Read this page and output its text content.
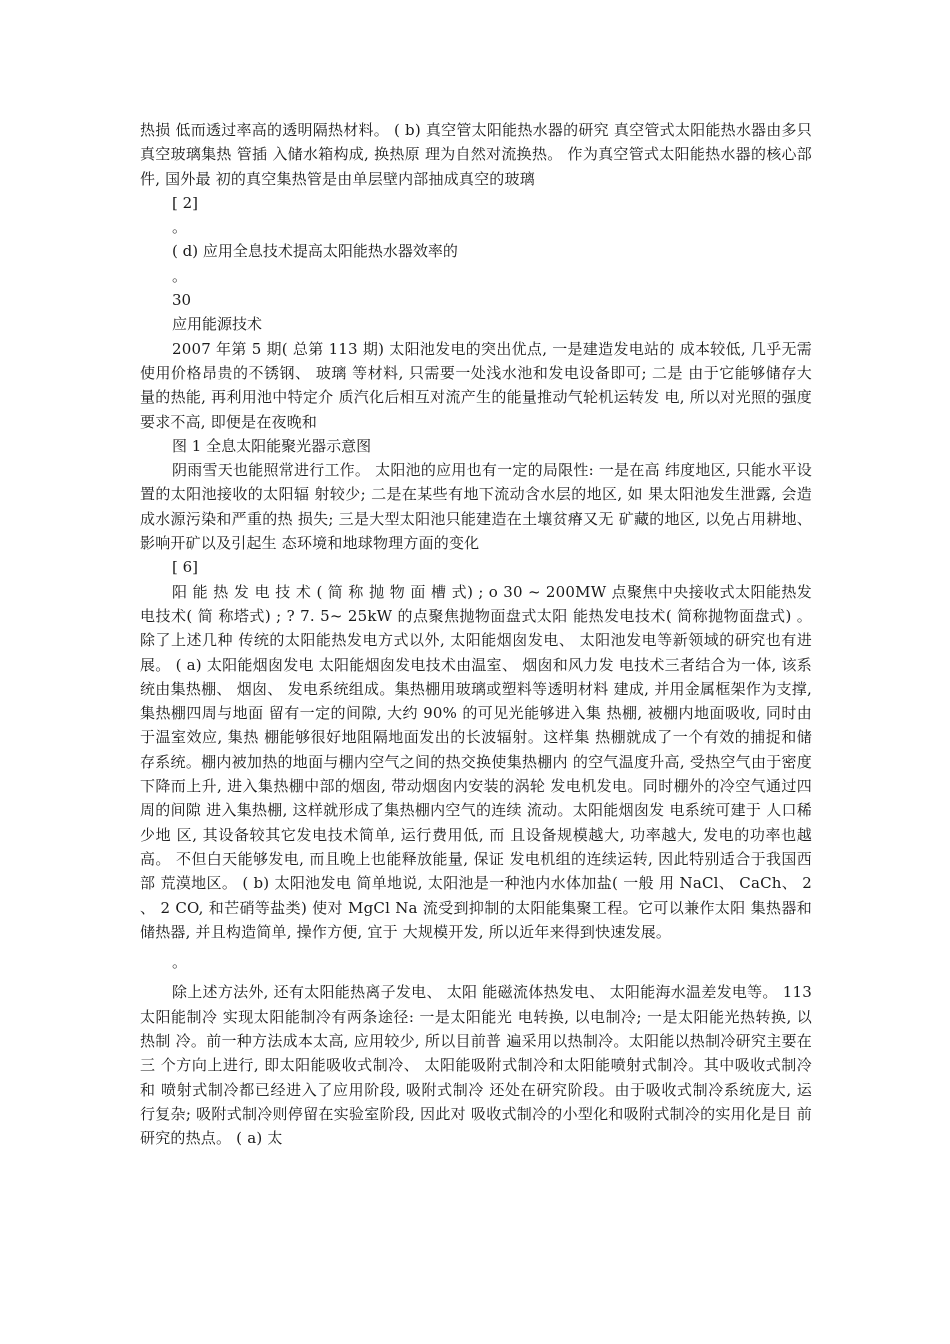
热损 低而透过率高的透明隔热材料。 ( b) 真空管太阳能热水器的研究 真空管式太阳能热水器由多只真空玻璃集热 管插 入储水箱构成, 换热原 理为自然对流换热。 作为真空管式太阳能热水器的核心部件, 国外最 初的真空集热管是由单层壁内部抽成真空的玻璃

[ 2]

。

( d) 应用全息技术提高太阳能热水器效率的

。

30

应用能源技术

2007 年第 5 期( 总第 113 期) 太阳池发电的突出优点, 一是建造发电站的 成本较低, 几乎无需使用价格昂贵的不锈钢、 玻璃 等材料, 只需要一处浅水池和发电设备即可; 二是 由于它能够储存大量的热能, 再利用池中特定介 质汽化后相互对流产生的能量推动气轮机运转发 电, 所以对光照的强度要求不高, 即便是在夜晚和

图 1 全息太阳能聚光器示意图

阴雨雪天也能照常进行工作。 太阳池的应用也有一定的局限性: 一是在高 纬度地区, 只能水平设置的太阳池接收的太阳辐 射较少; 二是在某些有地下流动含水层的地区, 如 果太阳池发生泄露, 会造成水源污染和严重的热 损失; 三是大型太阳池只能建造在土壤贫瘠又无 矿藏的地区, 以免占用耕地、 影响开矿以及引起生 态环境和地球物理方面的变化

[ 6]

阳 能 热 发 电 技 术 ( 简 称 抛 物 面 槽 式) ; o 30 ~ 200MW 点聚焦中央接收式太阳能热发电技术( 简 称塔式) ; ? 7. 5~ 25kW 的点聚焦抛物面盘式太阳 能热发电技术( 简称抛物面盘式) 。除了上述几种 传统的太阳能热发电方式以外, 太阳能烟囱发电、 太阳池发电等新领域的研究也有进展。 ( a) 太阳能烟囱发电 太阳能烟囱发电技术由温室、 烟囱和风力发 电技术三者结合为一体, 该系统由集热棚、 烟囱、 发电系统组成。集热棚用玻璃或塑料等透明材料 建成, 并用金属框架作为支撑, 集热棚四周与地面 留有一定的间隙, 大约 90% 的可见光能够进入集 热棚, 被棚内地面吸收, 同时由于温室效应, 集热 棚能够很好地阻隔地面发出的长波辐射。这样集 热棚就成了一个有效的捕捉和储存系统。棚内被加热的地面与棚内空气之间的热交换使集热棚内 的空气温度升高, 受热空气由于密度下降而上升, 进入集热棚中部的烟囱, 带动烟囱内安装的涡轮 发电机发电。同时棚外的冷空气通过四周的间隙 进入集热棚, 这样就形成了集热棚内空气的连续 流动。太阳能烟囱发 电系统可建于 人口稀少地 区, 其设备较其它发电技术简单, 运行费用低, 而 且设备规模越大, 功率越大, 发电的功率也越高。 不但白天能够发电, 而且晚上也能释放能量, 保证 发电机组的连续运转, 因此特别适合于我国西部 荒漠地区。 ( b) 太阳池发电 简单地说, 太阳池是一种池内水体加盐( 一般 用 NaCl、 CaCh、 2 、 2 CO, 和芒硝等盐类) 使对 MgCl Na 流受到抑制的太阳能集聚工程。它可以兼作太阳 集热器和储热器, 并且构造简单, 操作方便, 宜于 大规模开发, 所以近年来得到快速发展。

。

除上述方法外, 还有太阳能热离子发电、 太阳 能磁流体热发电、 太阳能海水温差发电等。 113 太阳能制冷 实现太阳能制冷有两条途径: 一是太阳能光 电转换, 以电制冷; 一是太阳能光热转换, 以热制 冷。前一种方法成本太高, 应用较少, 所以目前普 遍采用以热制冷。太阳能以热制冷研究主要在三 个方向上进行, 即太阳能吸收式制冷、 太阳能吸附式制冷和太阳能喷射式制冷。其中吸收式制冷和 喷射式制冷都已经进入了应用阶段, 吸附式制冷 还处在研究阶段。由于吸收式制冷系统庞大, 运 行复杂; 吸附式制冷则停留在实验室阶段, 因此对 吸收式制冷的小型化和吸附式制冷的实用化是目 前研究的热点。 ( a) 太
